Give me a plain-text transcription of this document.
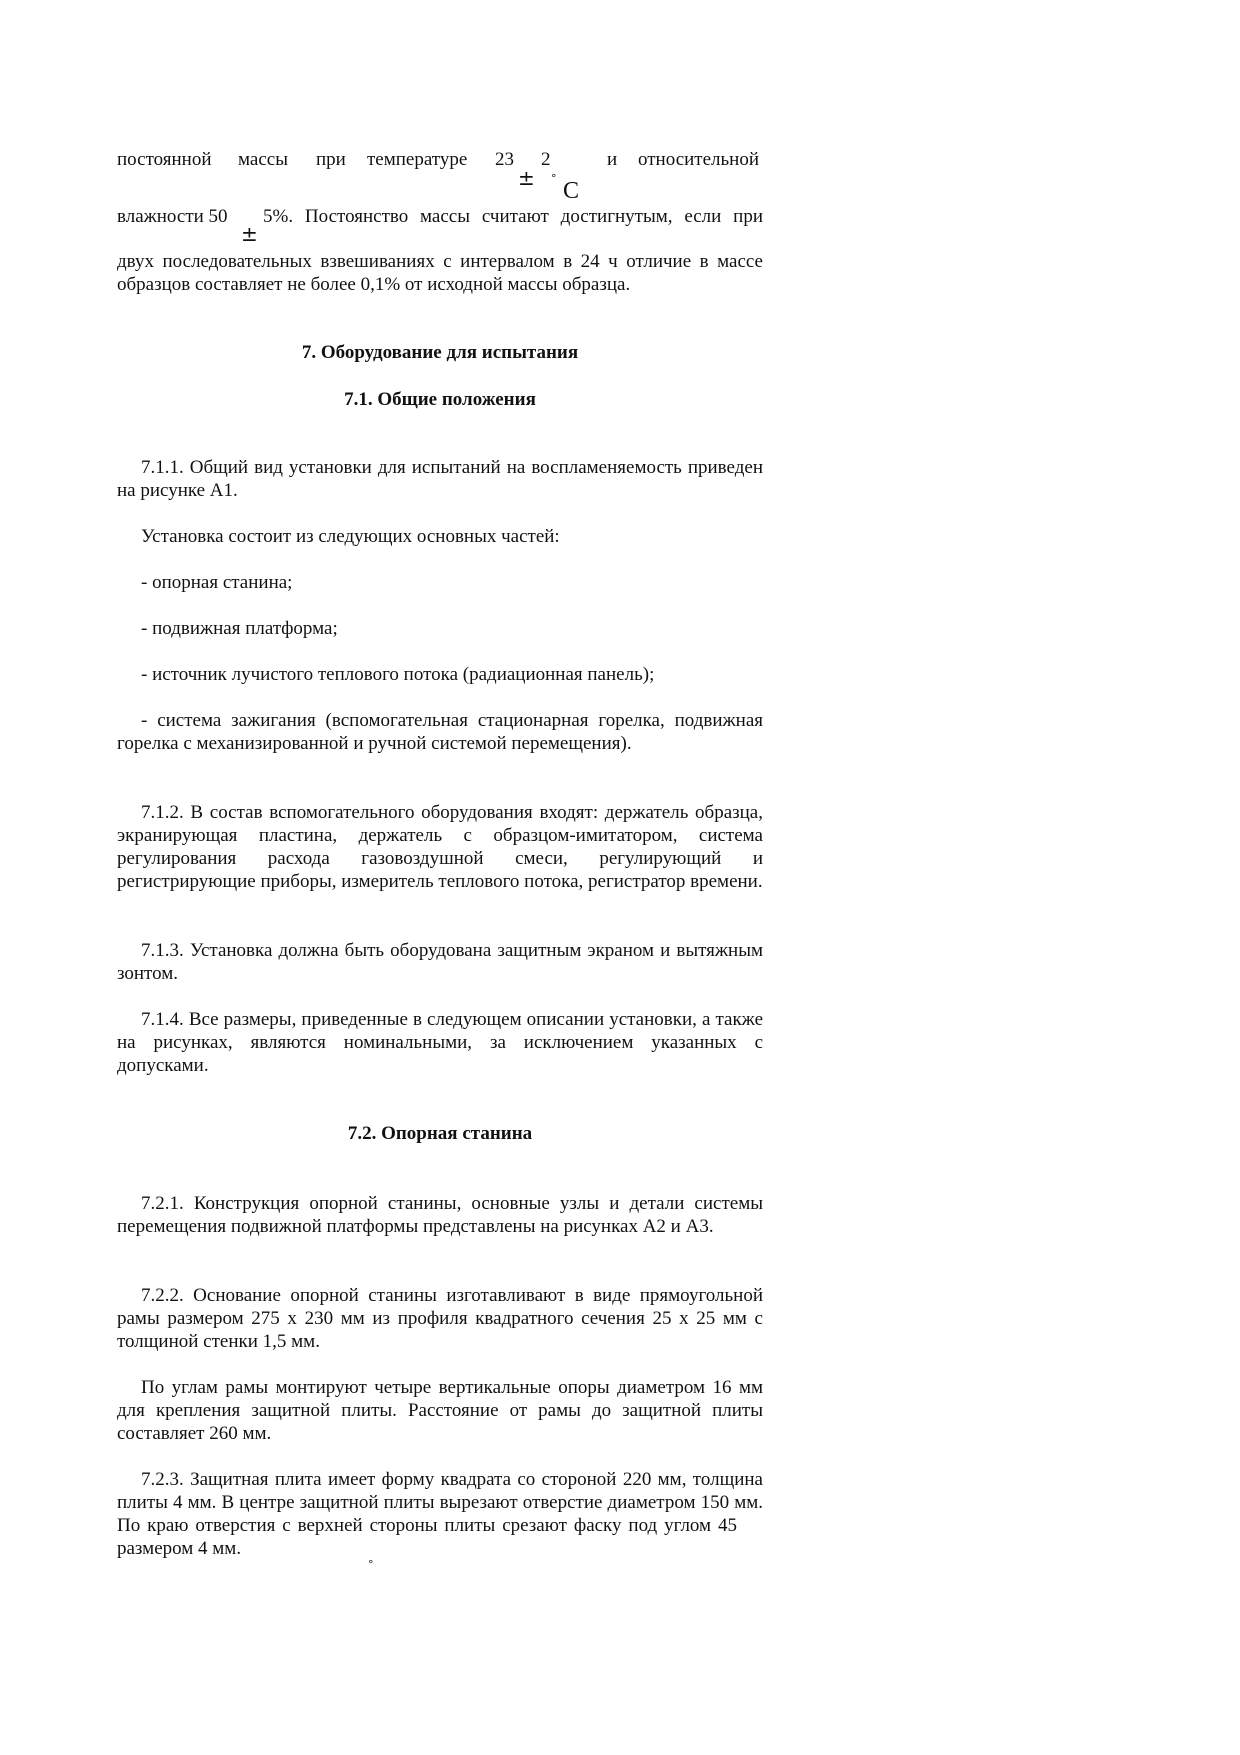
постоянной массы при температуре 23 2	и относительной
± ° С
влажности 50 5%. Постоянство массы считают достигнутым, если при
±

двух последовательных взвешиваниях с интервалом в 24 ч отличие в массе образцов составляет не более 0,1% от исходной массы образца.

7. Оборудование для испытания

7.1. Общие положения

7.1.1. Общий вид установки для испытаний на воспламеняемость приведен на рисунке А1.

Установка состоит из следующих основных частей:

- опорная станина;

- подвижная платформа;

- источник лучистого теплового потока (радиационная панель);

- система зажигания (вспомогательная стационарная горелка, подвижная горелка с механизированной и ручной системой перемещения).

7.1.2. В состав вспомогательного оборудования входят: держатель образца, экранирующая пластина, держатель с образцом-имитатором, система регулирования расхода газовоздушной смеси, регулирующий и регистрирующие приборы, измеритель теплового потока, регистратор времени.

7.1.3. Установка должна быть оборудована защитным экраном и вытяжным зонтом.

7.1.4. Все размеры, приведенные в следующем описании установки, а также на рисунках, являются номинальными, за исключением указанных с допусками.

7.2. Опорная станина

7.2.1. Конструкция опорной станины, основные узлы и детали системы перемещения подвижной платформы представлены на рисунках А2 и А3.

7.2.2. Основание опорной станины изготавливают в виде прямоугольной рамы размером 275 x 230 мм из профиля квадратного сечения 25 x 25 мм с толщиной стенки 1,5 мм.

По углам рамы монтируют четыре вертикальные опоры диаметром 16 мм для крепления защитной плиты. Расстояние от рамы до защитной плиты составляет 260 мм.

7.2.3. Защитная плита имеет форму квадрата со стороной 220 мм, толщина плиты 4 мм. В центре защитной плиты вырезают отверстие диаметром 150 мм. По краю отверстия с верхней стороны плиты срезают фаску под углом 45размером 4 мм.

°
